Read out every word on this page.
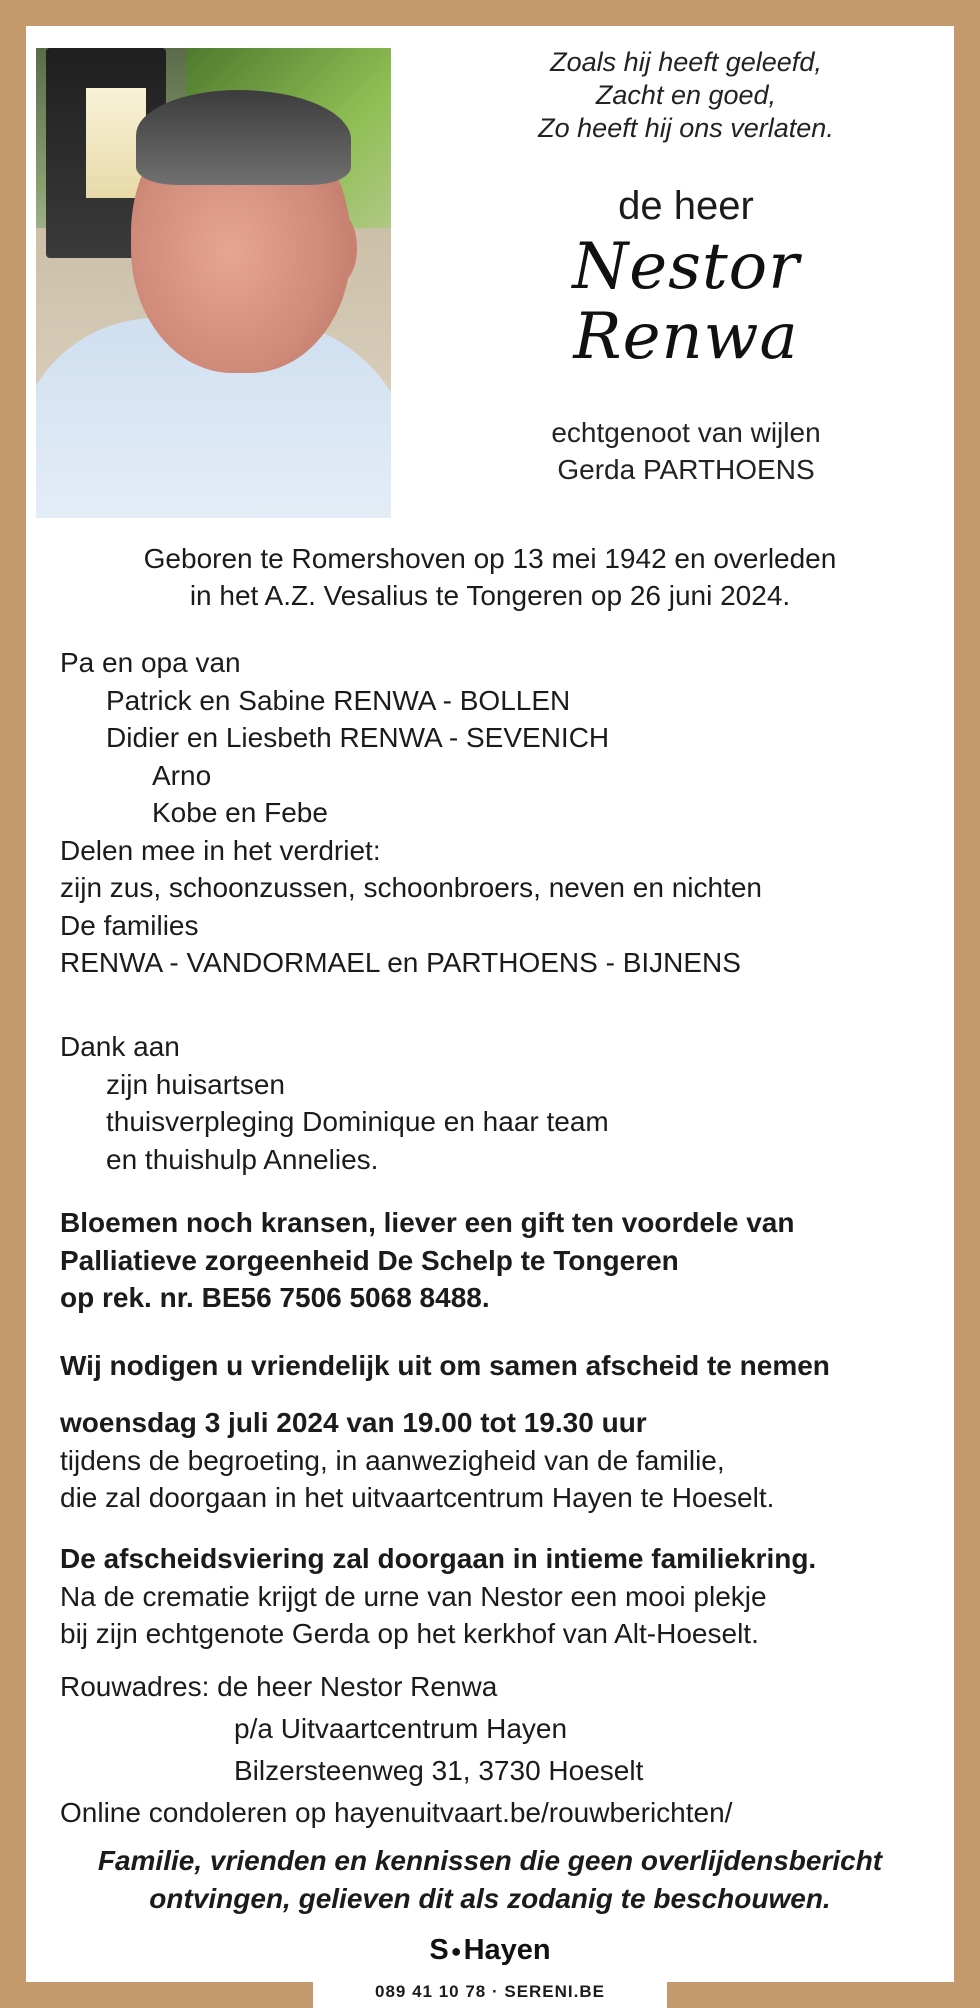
Zoals hij heeft geleefd,
Zacht en goed,
Zo heeft hij ons verlaten.
de heer
Nestor
Renwa
echtgenoot van wijlen
Gerda PARTHOENS
Geboren te Romershoven op 13 mei 1942 en overleden
in het A.Z. Vesalius te Tongeren op 26 juni 2024.
Pa en opa van
Patrick en Sabine RENWA - BOLLEN
Didier en Liesbeth RENWA - SEVENICH
Arno
Kobe en Febe
Delen mee in het verdriet:
zijn zus, schoonzussen, schoonbroers, neven en nichten
De families
RENWA - VANDORMAEL en PARTHOENS - BIJNENS
Dank aan
zijn huisartsen
thuisverpleging Dominique en haar team
en thuishulp Annelies.
Bloemen noch kransen, liever een gift ten voordele van
Palliatieve zorgeenheid De Schelp te Tongeren
op rek. nr. BE56 7506 5068 8488.
Wij nodigen u vriendelijk uit om samen afscheid te nemen
woensdag 3 juli 2024 van 19.00 tot 19.30 uur
tijdens de begroeting, in aanwezigheid van de familie,
die zal doorgaan in het uitvaartcentrum Hayen te Hoeselt.
De afscheidsviering zal doorgaan in intieme familiekring.
Na de crematie krijgt de urne van Nestor een mooi plekje
bij zijn echtgenote Gerda op het kerkhof van Alt-Hoeselt.
Rouwadres: de heer Nestor Renwa
p/a Uitvaartcentrum Hayen
Bilzersteenweg 31, 3730 Hoeselt
Online condoleren op hayenuitvaart.be/rouwberichten/
Familie, vrienden en kennissen die geen overlijdensbericht
ontvingen, gelieven dit als zodanig te beschouwen.
S ●Hayen
089 41 10 78 · SERENI.BE
